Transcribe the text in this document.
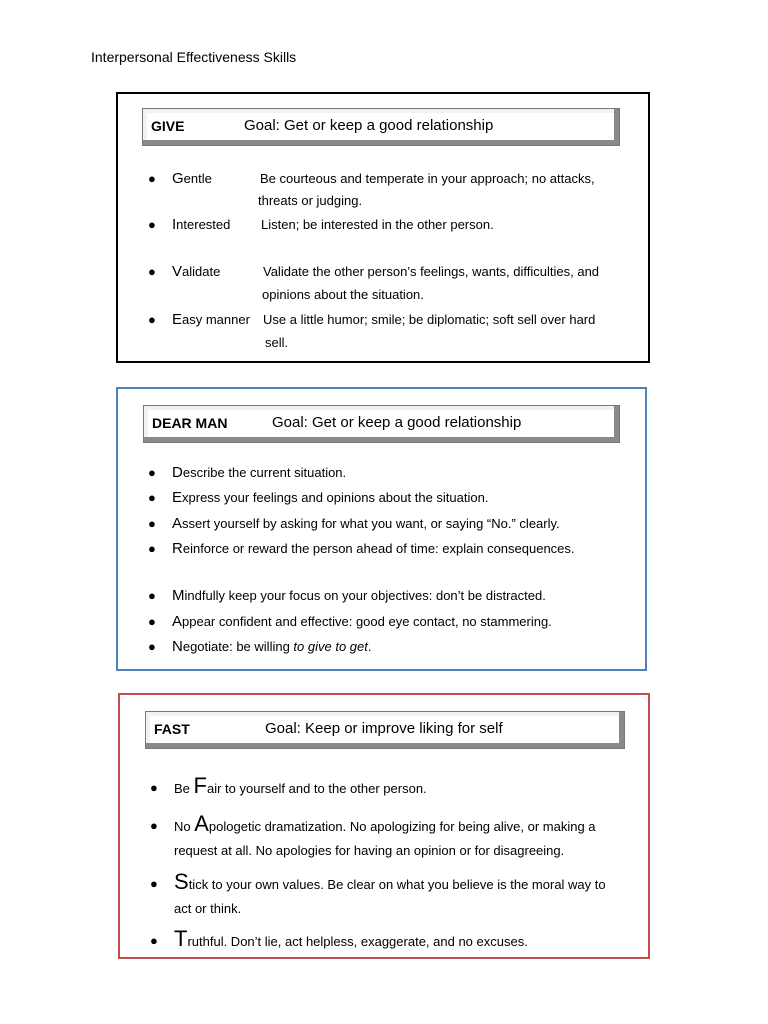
Interpersonal Effectiveness Skills
GIVE	Goal: Get or keep a good relationship
● Gentle	Be courteous and temperate in your approach; no attacks,
threats or judging.
● Interested Listen; be interested in the other person.
● Validate	Validate the other person’s feelings, wants, difficulties, and
opinions about the situation.
● Easy manner Use a little humor; smile; be diplomatic; soft sell over hard
sell.
DEAR MAN	Goal: Get or keep a good relationship
● Describe the current situation.
● Express your feelings and opinions about the situation.
● Assert yourself by asking for what you want, or saying “No.” clearly.
● Reinforce or reward the person ahead of time: explain consequences.
● Mindfully keep your focus on your objectives: don’t be distracted.
● Appear confident and effective: good eye contact, no stammering.
● Negotiate: be willing to give to get.
FAST	Goal: Keep or improve liking for self
● Be Fair to yourself and to the other person.
● No Apologetic dramatization. No apologizing for being alive, or making a
request at all. No apologies for having an opinion or for disagreeing.
● Stick to your own values. Be clear on what you believe is the moral way to
act or think.
● Truthful. Don’t lie, act helpless, exaggerate, and no excuses.
